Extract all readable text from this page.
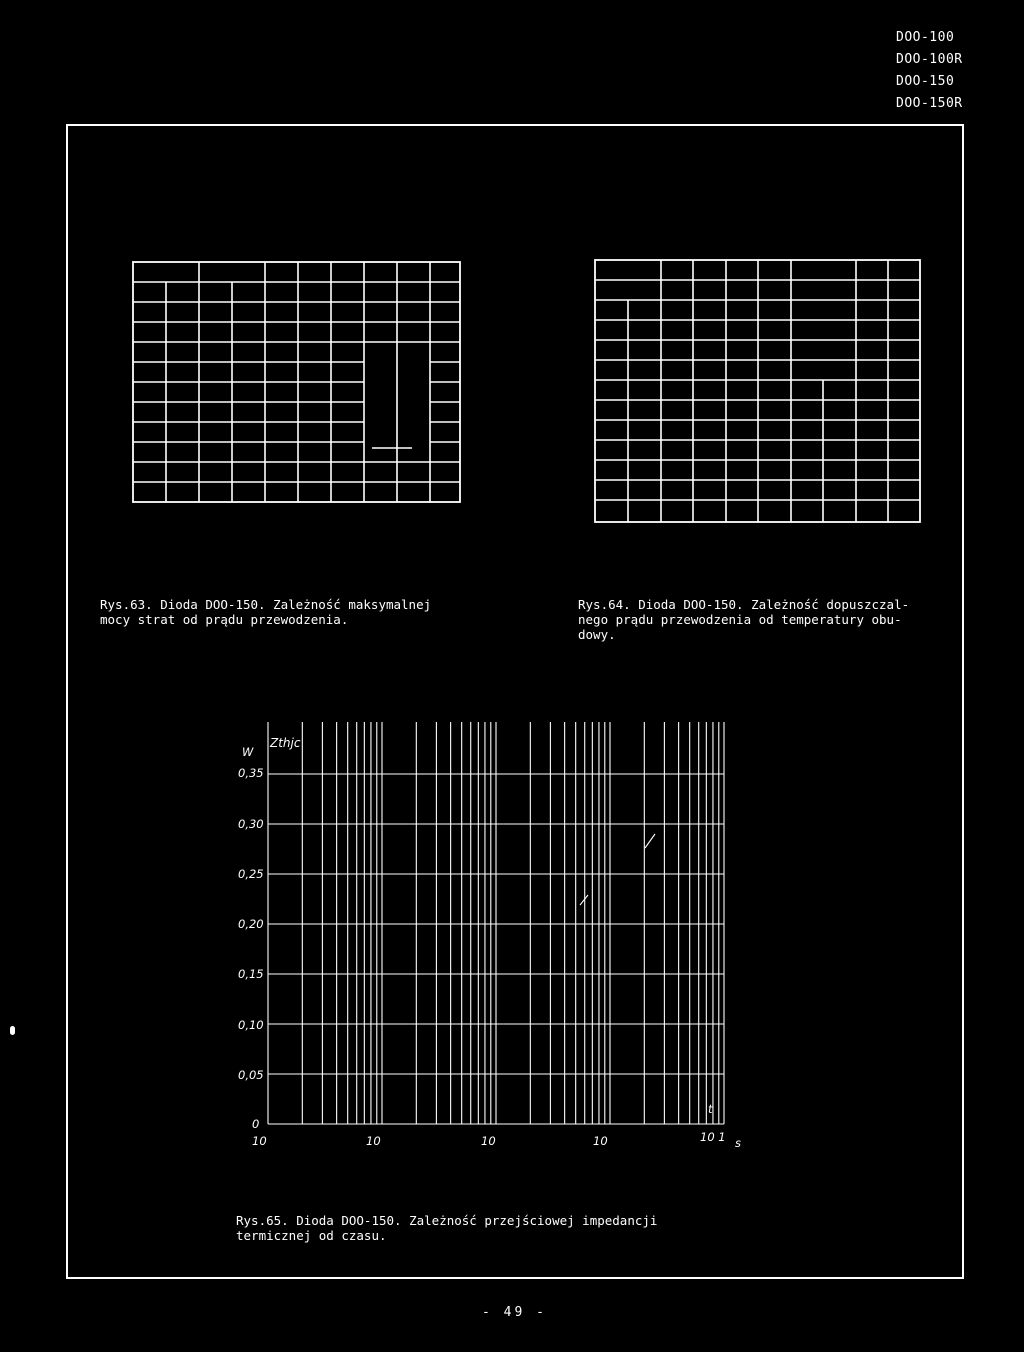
DOO-100
DOO-100R
DOO-150
DOO-150R
Rys.63. Dioda DOO-150. Zależność maksymalnej
mocy strat od prądu przewodzenia.
Rys.64. Dioda DOO-150. Zależność dopuszczal-
nego prądu przewodzenia od temperatury obu-
dowy.
W
Zthjc
0,35
0,30
0,25
0,20
0,15
0,10
0,05
0
10	10	10	10	10 1
t
s
Rys.65. Dioda DOO-150. Zależność przejściowej impedancji
termicznej od czasu.
- 49 -
